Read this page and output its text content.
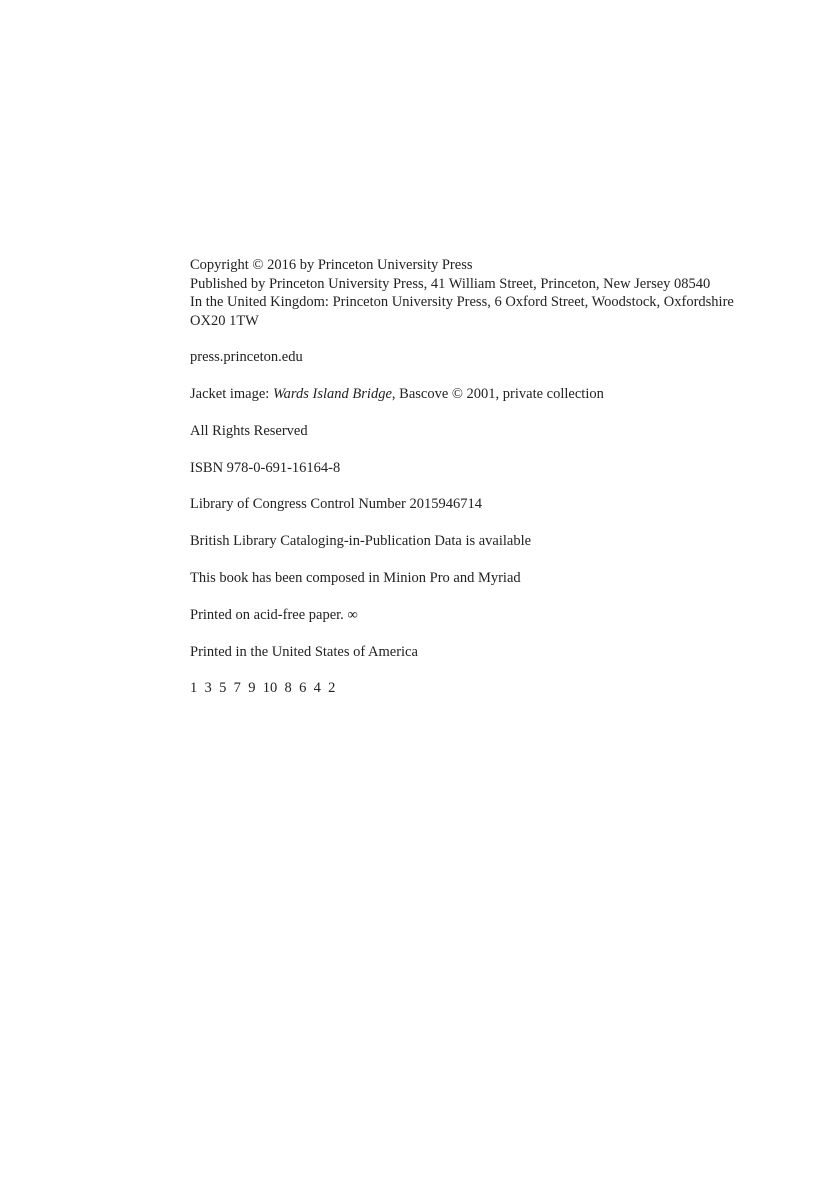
Copyright © 2016 by Princeton University Press
Published by Princeton University Press, 41 William Street, Princeton, New Jersey 08540
In the United Kingdom: Princeton University Press, 6 Oxford Street, Woodstock, Oxfordshire
OX20 1TW

press.princeton.edu

Jacket image: Wards Island Bridge, Bascove © 2001, private collection

All Rights Reserved

ISBN 978-0-691-16164-8

Library of Congress Control Number 2015946714

British Library Cataloging-in-Publication Data is available

This book has been composed in Minion Pro and Myriad

Printed on acid-free paper. ∞

Printed in the United States of America

1 3 5 7 9 10 8 6 4 2
